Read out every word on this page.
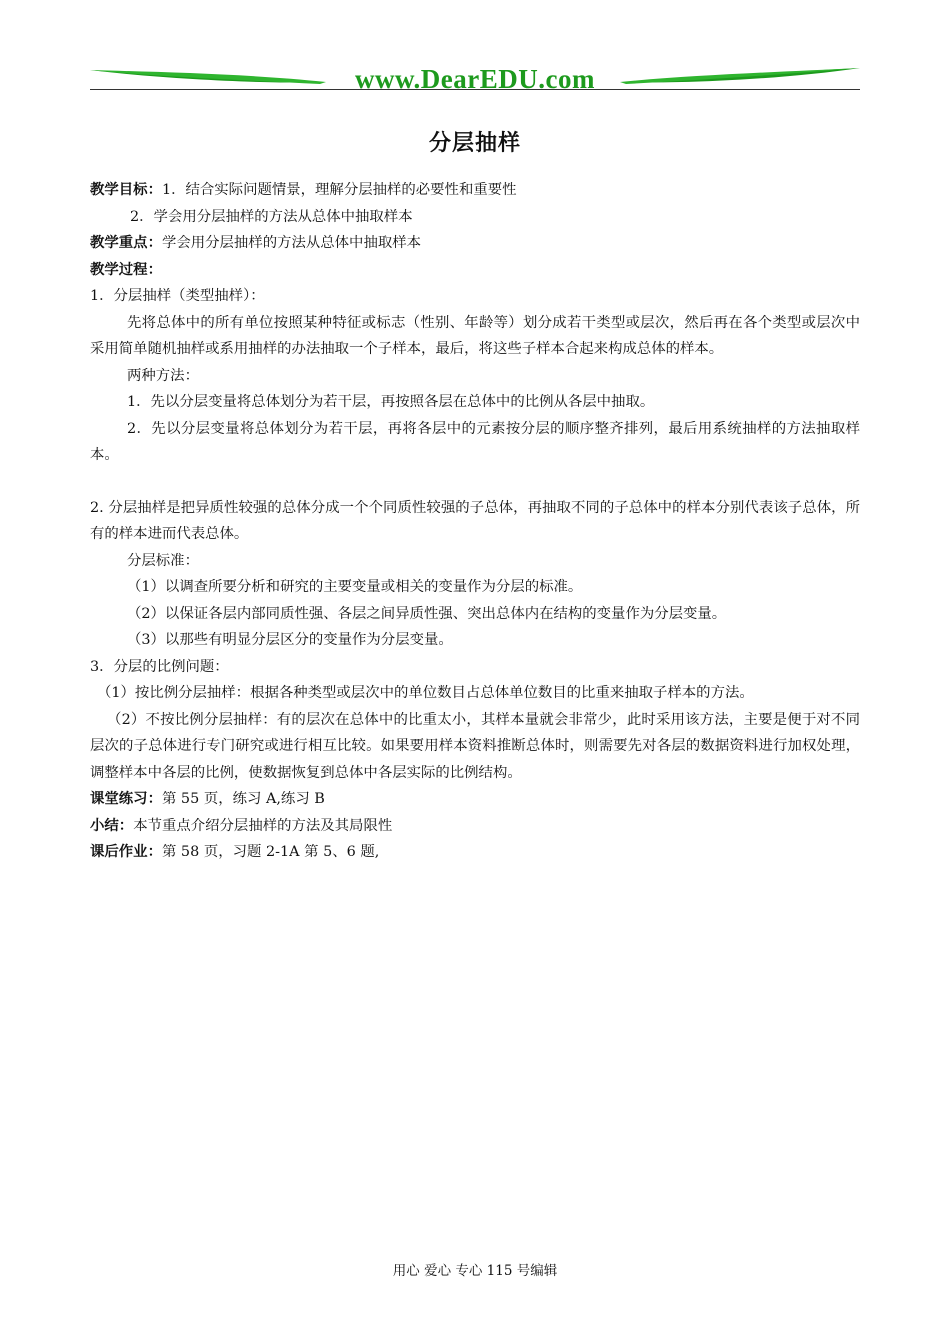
www.DearEDU.com
分层抽样

教学目标：1．结合实际问题情景，理解分层抽样的必要性和重要性

2．学会用分层抽样的方法从总体中抽取样本

教学重点：学会用分层抽样的方法从总体中抽取样本

教学过程：

1．分层抽样（类型抽样）：

先将总体中的所有单位按照某种特征或标志（性别、年龄等）划分成若干类型或层次，然后再在各个类型或层次中采用简单随机抽样或系用抽样的办法抽取一个子样本，最后，将这些子样本合起来构成总体的样本。

两种方法：

1．先以分层变量将总体划分为若干层，再按照各层在总体中的比例从各层中抽取。

2．先以分层变量将总体划分为若干层，再将各层中的元素按分层的顺序整齐排列，最后用系统抽样的方法抽取样本。

2. 分层抽样是把异质性较强的总体分成一个个同质性较强的子总体，再抽取不同的子总体中的样本分别代表该子总体，所有的样本进而代表总体。

分层标准：

（1）以调查所要分析和研究的主要变量或相关的变量作为分层的标准。

（2）以保证各层内部同质性强、各层之间异质性强、突出总体内在结构的变量作为分层变量。

（3）以那些有明显分层区分的变量作为分层变量。

3．分层的比例问题：

（1）按比例分层抽样：根据各种类型或层次中的单位数目占总体单位数目的比重来抽取子样本的方法。

（2）不按比例分层抽样：有的层次在总体中的比重太小，其样本量就会非常少，此时采用该方法，主要是便于对不同层次的子总体进行专门研究或进行相互比较。如果要用样本资料推断总体时，则需要先对各层的数据资料进行加权处理，调整样本中各层的比例，使数据恢复到总体中各层实际的比例结构。

课堂练习：第 55 页，练习 A,练习 B

小结：本节重点介绍分层抽样的方法及其局限性

课后作业：第 58 页，习题 2-1A 第 5、6 题,

用心 爱心 专心 115 号编辑
